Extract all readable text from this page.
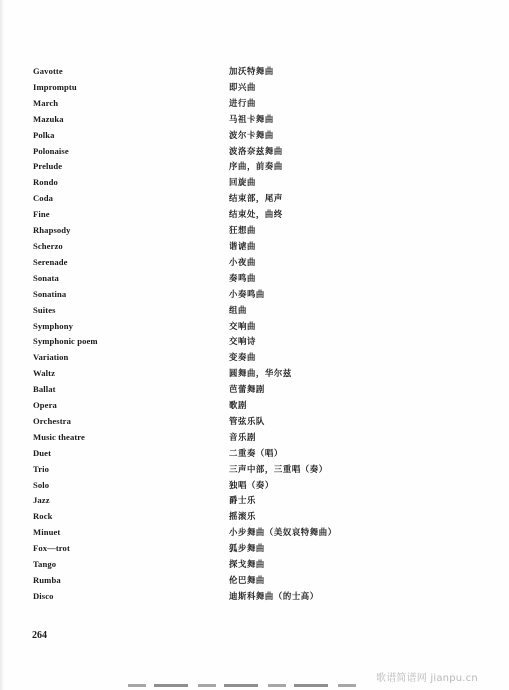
Gavotte	加沃特舞曲
Impromptu	即兴曲
March	进行曲
Mazuka	马祖卡舞曲
Polka	波尔卡舞曲
Polonaise	波洛奈兹舞曲
Prelude	序曲，前奏曲
Rondo	回旋曲
Coda	结束部，尾声
Fine	结束处，曲终
Rhapsody	狂想曲
Scherzo	谐谑曲
Serenade	小夜曲
Sonata	奏鸣曲
Sonatina	小奏鸣曲
Suites	组曲
Symphony	交响曲
Symphonic poem	交响诗
Variation	变奏曲
Waltz	圆舞曲，华尔兹
Ballat	芭蕾舞剧
Opera	歌剧
Orchestra	管弦乐队
Music theatre	音乐剧
Duet	二重奏（唱）
Trio	三声中部，三重唱（奏）
Solo	独唱（奏）
Jazz	爵士乐
Rock	摇滚乐
Minuet	小步舞曲（美奴哀特舞曲）
Fox—trot	狐步舞曲
Tango	探戈舞曲
Rumba	伦巴舞曲
Disco	迪斯科舞曲（的士高）
264
歌谱简谱网 jianpu.cn
